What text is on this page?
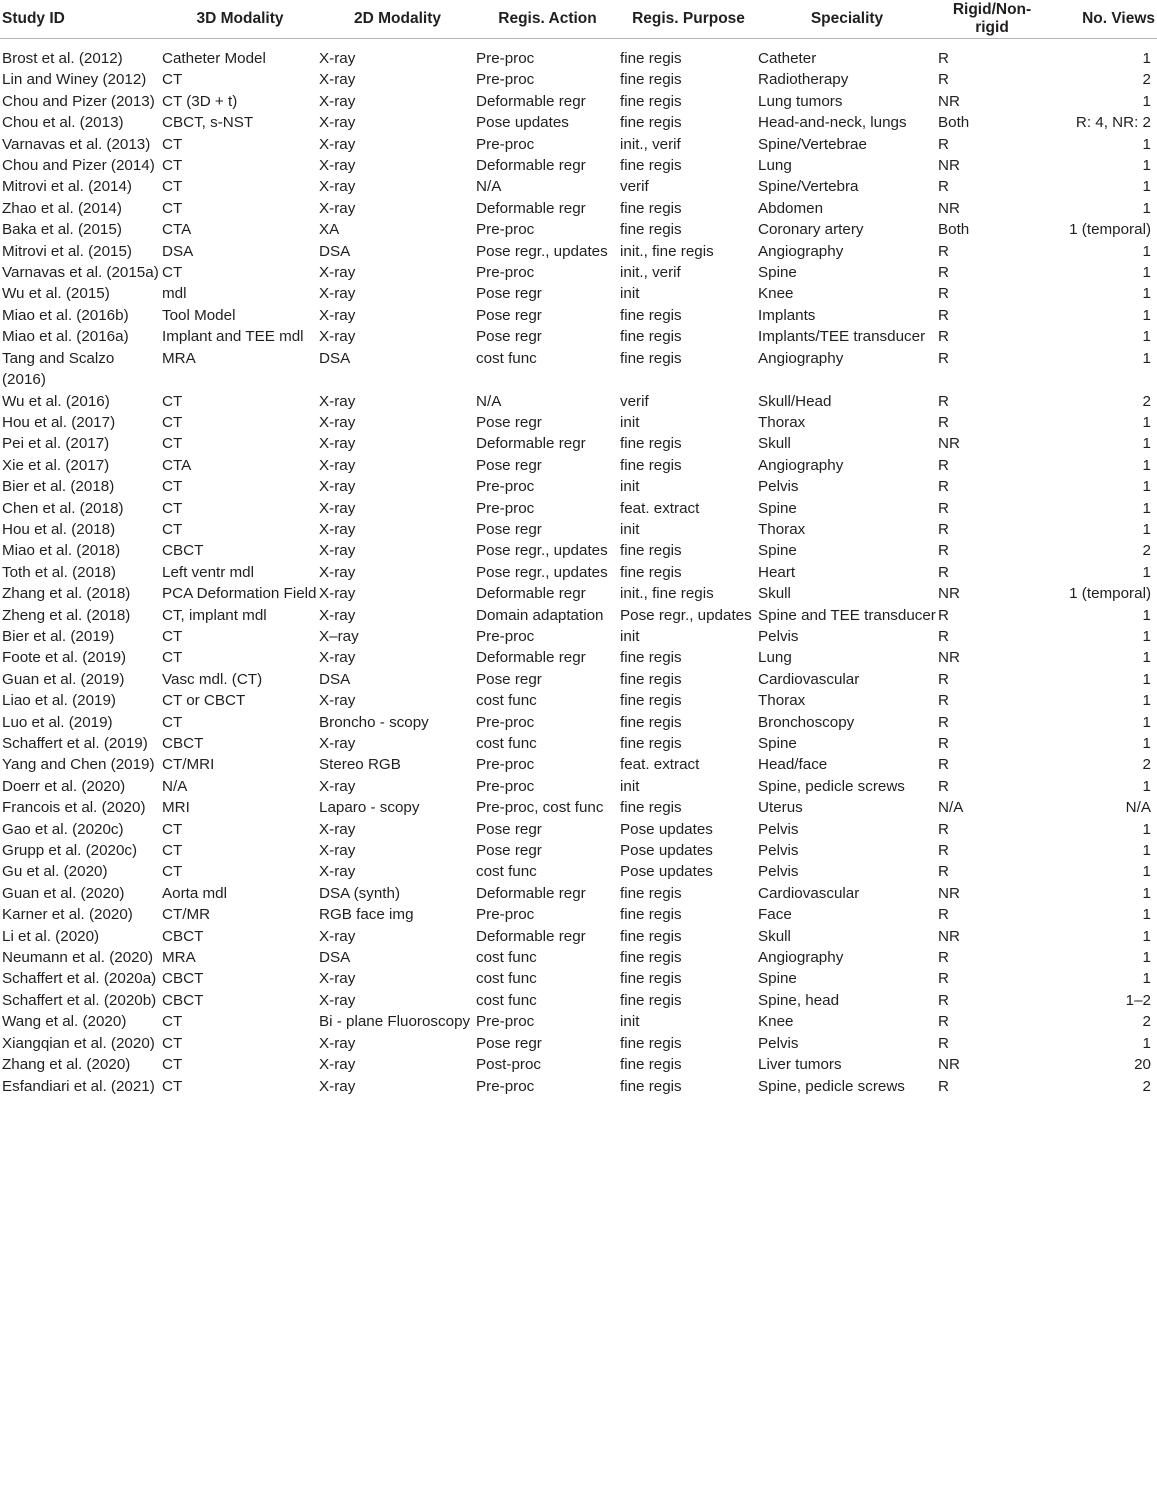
Study ID	3D Modality	2D Modality	Regis. Action	Regis. Purpose	Speciality	Rigid/Non-rigid	No. Views
Brost et al. (2012)	Catheter Model	X-ray	Pre-proc	fine regis	Catheter	R	1
Lin and Winey (2012)	CT	X-ray	Pre-proc	fine regis	Radiotherapy	R	2
Chou and Pizer (2013)	CT (3D + t)	X-ray	Deformable regr	fine regis	Lung tumors	NR	1
Chou et al. (2013)	CBCT, s-NST	X-ray	Pose updates	fine regis	Head-and-neck, lungs	Both	R: 4, NR: 2
Varnavas et al. (2013)	CT	X-ray	Pre-proc	init., verif	Spine/Vertebrae	R	1
Chou and Pizer (2014)	CT	X-ray	Deformable regr	fine regis	Lung	NR	1
Mitrovi et al. (2014)	CT	X-ray	N/A	verif	Spine/Vertebra	R	1
Zhao et al. (2014)	CT	X-ray	Deformable regr	fine regis	Abdomen	NR	1
Baka et al. (2015)	CTA	XA	Pre-proc	fine regis	Coronary artery	Both	1 (temporal)
Mitrovi et al. (2015)	DSA	DSA	Pose regr., updates	init., fine regis	Angiography	R	1
Varnavas et al. (2015a)	CT	X-ray	Pre-proc	init., verif	Spine	R	1
Wu et al. (2015)	mdl	X-ray	Pose regr	init	Knee	R	1
Miao et al. (2016b)	Tool Model	X-ray	Pose regr	fine regis	Implants	R	1
Miao et al. (2016a)	Implant and TEE mdl	X-ray	Pose regr	fine regis	Implants/TEE transducer	R	1
Tang and Scalzo (2016)	MRA	DSA	cost func	fine regis	Angiography	R	1
Wu et al. (2016)	CT	X-ray	N/A	verif	Skull/Head	R	2
Hou et al. (2017)	CT	X-ray	Pose regr	init	Thorax	R	1
Pei et al. (2017)	CT	X-ray	Deformable regr	fine regis	Skull	NR	1
Xie et al. (2017)	CTA	X-ray	Pose regr	fine regis	Angiography	R	1
Bier et al. (2018)	CT	X-ray	Pre-proc	init	Pelvis	R	1
Chen et al. (2018)	CT	X-ray	Pre-proc	feat. extract	Spine	R	1
Hou et al. (2018)	CT	X-ray	Pose regr	init	Thorax	R	1
Miao et al. (2018)	CBCT	X-ray	Pose regr., updates	fine regis	Spine	R	2
Toth et al. (2018)	Left ventr mdl	X-ray	Pose regr., updates	fine regis	Heart	R	1
Zhang et al. (2018)	PCA Deformation Field	X-ray	Deformable regr	init., fine regis	Skull	NR	1 (temporal)
Zheng et al. (2018)	CT, implant mdl	X-ray	Domain adaptation	Pose regr., updates	Spine and TEE transducer	R	1
Bier et al. (2019)	CT	X–ray	Pre-proc	init	Pelvis	R	1
Foote et al. (2019)	CT	X-ray	Deformable regr	fine regis	Lung	NR	1
Guan et al. (2019)	Vasc mdl. (CT)	DSA	Pose regr	fine regis	Cardiovascular	R	1
Liao et al. (2019)	CT or CBCT	X-ray	cost func	fine regis	Thorax	R	1
Luo et al. (2019)	CT	Broncho - scopy	Pre-proc	fine regis	Bronchoscopy	R	1
Schaffert et al. (2019)	CBCT	X-ray	cost func	fine regis	Spine	R	1
Yang and Chen (2019)	CT/MRI	Stereo RGB	Pre-proc	feat. extract	Head/face	R	2
Doerr et al. (2020)	N/A	X-ray	Pre-proc	init	Spine, pedicle screws	R	1
Francois et al. (2020)	MRI	Laparo - scopy	Pre-proc, cost func	fine regis	Uterus	N/A	N/A
Gao et al. (2020c)	CT	X-ray	Pose regr	Pose updates	Pelvis	R	1
Grupp et al. (2020c)	CT	X-ray	Pose regr	Pose updates	Pelvis	R	1
Gu et al. (2020)	CT	X-ray	cost func	Pose updates	Pelvis	R	1
Guan et al. (2020)	Aorta mdl	DSA (synth)	Deformable regr	fine regis	Cardiovascular	NR	1
Karner et al. (2020)	CT/MR	RGB face img	Pre-proc	fine regis	Face	R	1
Li et al. (2020)	CBCT	X-ray	Deformable regr	fine regis	Skull	NR	1
Neumann et al. (2020)	MRA	DSA	cost func	fine regis	Angiography	R	1
Schaffert et al. (2020a)	CBCT	X-ray	cost func	fine regis	Spine	R	1
Schaffert et al. (2020b)	CBCT	X-ray	cost func	fine regis	Spine, head	R	1–2
Wang et al. (2020)	CT	Bi - plane Fluoroscopy	Pre-proc	init	Knee	R	2
Xiangqian et al. (2020)	CT	X-ray	Pose regr	fine regis	Pelvis	R	1
Zhang et al. (2020)	CT	X-ray	Post-proc	fine regis	Liver tumors	NR	20
Esfandiari et al. (2021)	CT	X-ray	Pre-proc	fine regis	Spine, pedicle screws	R	2
